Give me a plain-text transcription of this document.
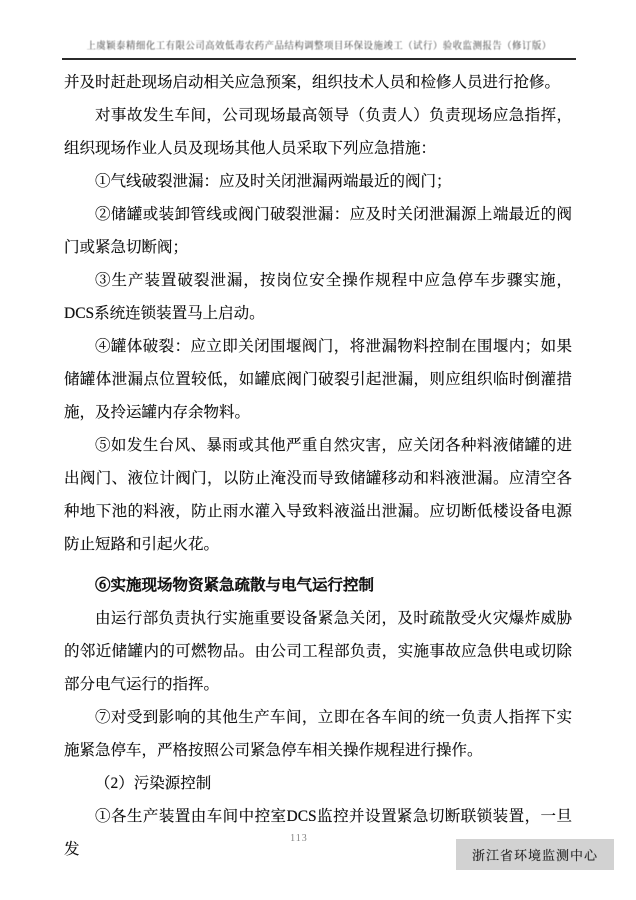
上虞颖泰精细化工有限公司高效低毒农药产品结构调整项目环保设施竣工（试行）验收监测报告（修订版）

并及时赶赴现场启动相关应急预案，组织技术人员和检修人员进行抢修。

对事故发生车间，公司现场最高领导（负责人）负责现场应急指挥，组织现场作业人员及现场其他人员采取下列应急措施：

①气线破裂泄漏：应及时关闭泄漏两端最近的阀门；

②储罐或装卸管线或阀门破裂泄漏：应及时关闭泄漏源上端最近的阀门或紧急切断阀；

③生产装置破裂泄漏，按岗位安全操作规程中应急停车步骤实施，DCS系统连锁装置马上启动。

④罐体破裂：应立即关闭围堰阀门，将泄漏物料控制在围堰内；如果储罐体泄漏点位置较低，如罐底阀门破裂引起泄漏，则应组织临时倒灌措施，及拎运罐内存余物料。

⑤如发生台风、暴雨或其他严重自然灾害，应关闭各种料液储罐的进出阀门、液位计阀门，以防止淹没而导致储罐移动和料液泄漏。应清空各种地下池的料液，防止雨水灌入导致料液溢出泄漏。应切断低楼设备电源防止短路和引起火花。

⑥实施现场物资紧急疏散与电气运行控制

由运行部负责执行实施重要设备紧急关闭，及时疏散受火灾爆炸威胁的邻近储罐内的可燃物品。由公司工程部负责，实施事故应急供电或切除部分电气运行的指挥。

⑦对受到影响的其他生产车间，立即在各车间的统一负责人指挥下实施紧急停车，严格按照公司紧急停车相关操作规程进行操作。

（2）污染源控制

①各生产装置由车间中控室DCS监控并设置紧急切断联锁装置，一旦发

113
浙江省环境监测中心
